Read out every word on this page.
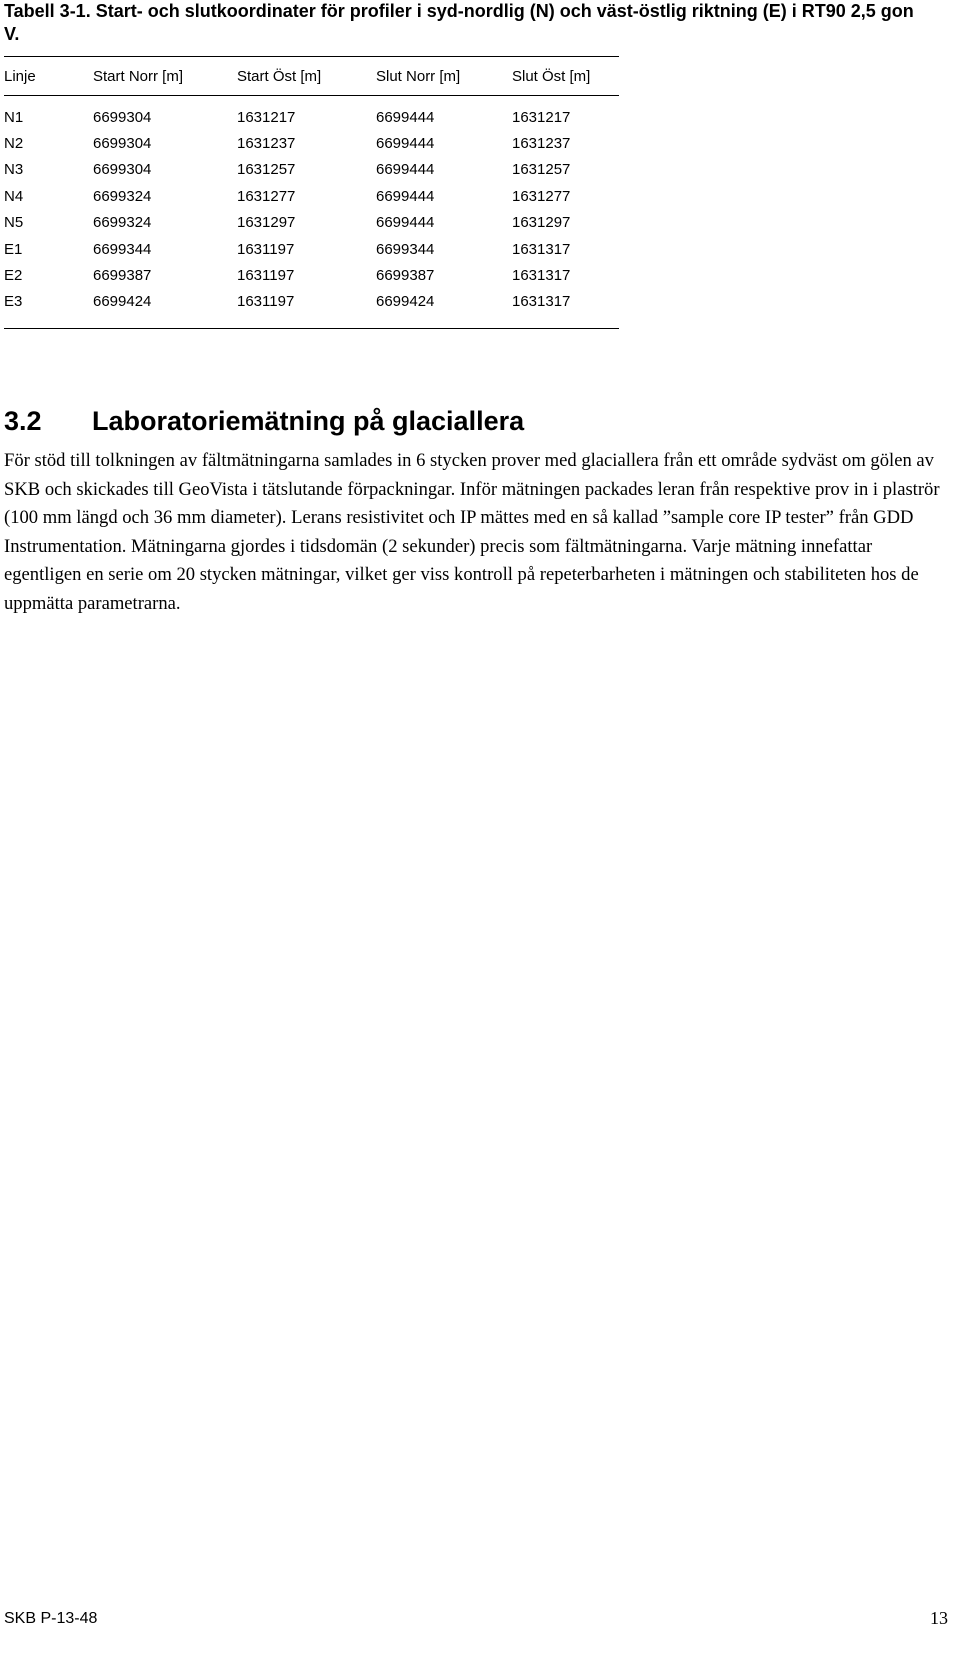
Tabell 3-1. Start- och slutkoordinater för profiler i syd-nordlig (N) och väst-östlig riktning (E) i RT90 2,5 gon V.
Linje	Start Norr [m]	Start Öst [m]	Slut Norr [m]	Slut Öst [m]
N1	6699304	1631217	6699444	1631217
N2	6699304	1631237	6699444	1631237
N3	6699304	1631257	6699444	1631257
N4	6699324	1631277	6699444	1631277
N5	6699324	1631297	6699444	1631297
E1	6699344	1631197	6699344	1631317
E2	6699387	1631197	6699387	1631317
E3	6699424	1631197	6699424	1631317
3.2 Laboratoriemätning på glaciallera

För stöd till tolkningen av fältmätningarna samlades in 6 stycken prover med glaciallera från ett område sydväst om gölen av SKB och skickades till GeoVista i tätslutande förpackningar. Inför mätningen packades leran från respektive prov in i plaströr (100 mm längd och 36 mm diameter). Lerans resistivitet och IP mättes med en så kallad ”sample core IP tester” från GDD Instrumentation. Mätningarna gjordes i tidsdomän (2 sekunder) precis som fältmätningarna. Varje mätning innefattar egentligen en serie om 20 stycken mätningar, vilket ger viss kontroll på repeterbarheten i mätningen och stabiliteten hos de uppmätta parametrarna.

SKB P-13-48	13
